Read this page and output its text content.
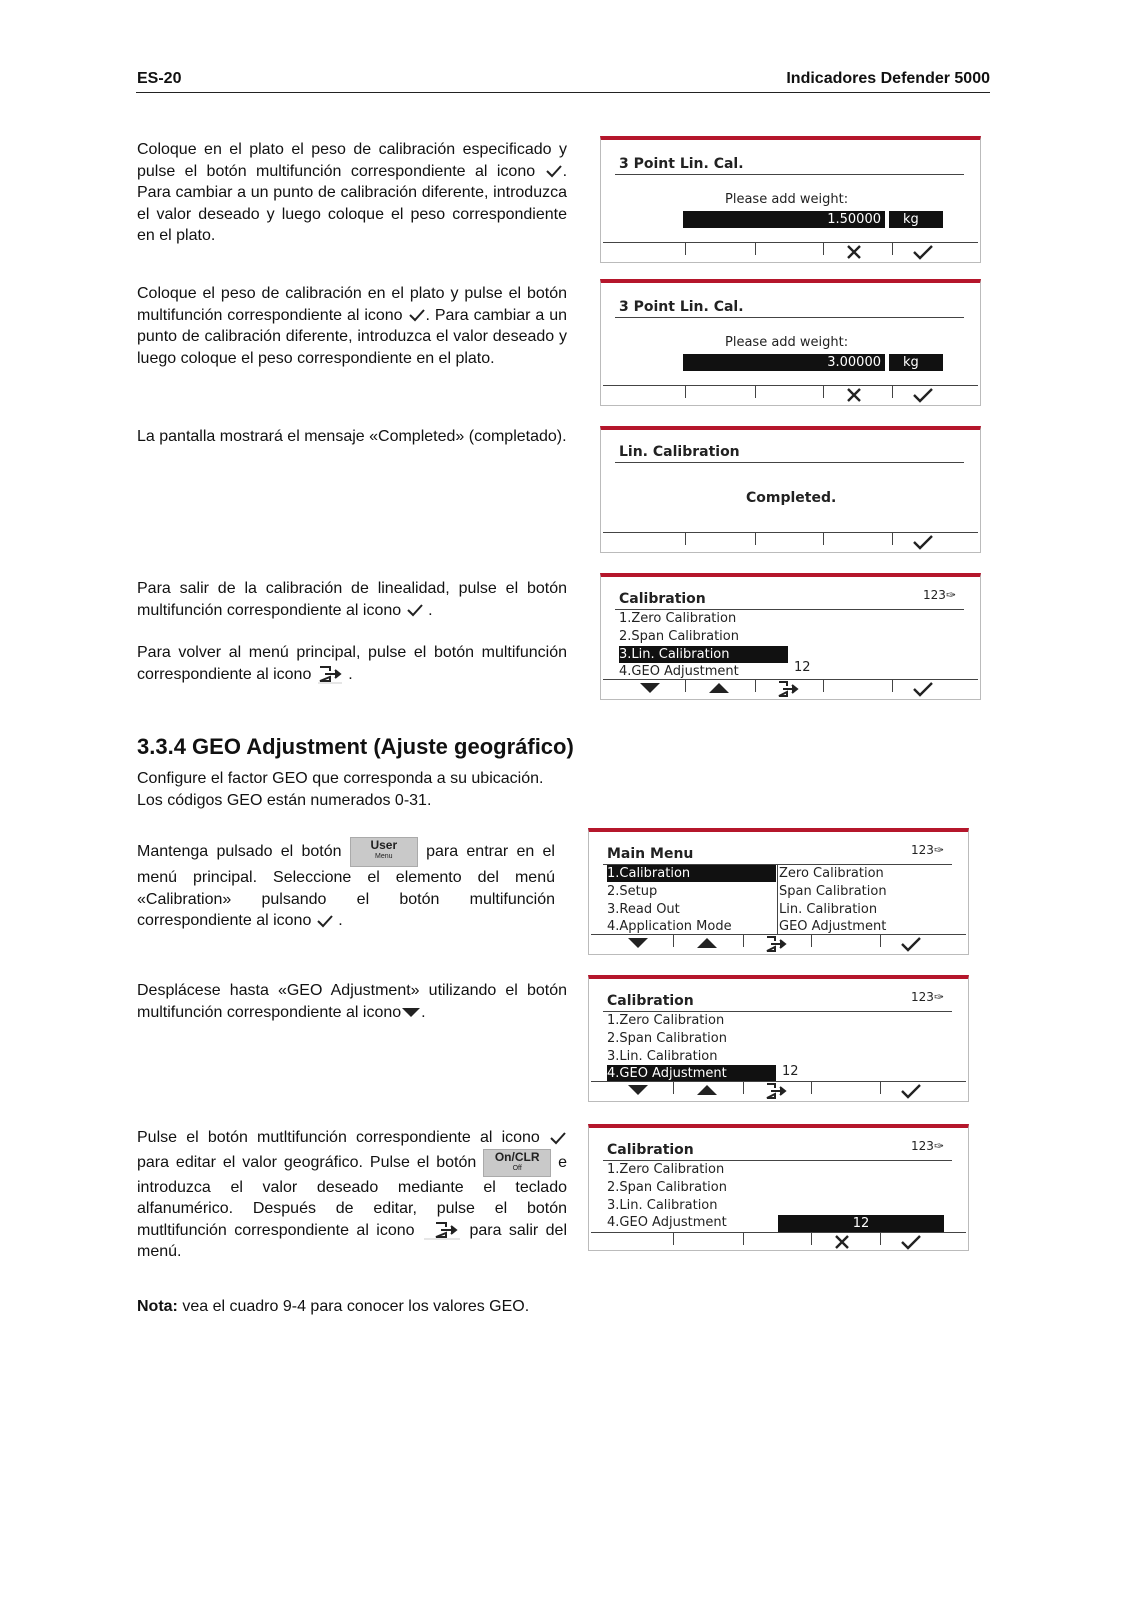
ES-20	Indicadores Defender 5000
Coloque en el plato el peso de calibración especificado y pulse el botón multifunción correspondiente al icono . Para cambiar a un punto de calibración diferente, introduzca el valor deseado y luego coloque el peso correspondiente en el plato.
Coloque el peso de calibración en el plato y pulse el botón multifunción correspondiente al icono . Para cambiar a un punto de calibración diferente, introduzca el valor deseado y luego coloque el peso correspondiente en el plato.
La pantalla mostrará el mensaje «Completed» (completado).
Para salir de la calibración de linealidad, pulse el botón multifunción correspondiente al icono .
Para volver al menú principal, pulse el botón multifunción correspondiente al icono .
3.3.4 GEO Adjustment (Ajuste geográfico)
Configure el factor GEO que corresponda a su ubicación.
Los códigos GEO están numerados 0-31.
Mantenga pulsado el botón	User
Menu	para entrar en el menú principal. Seleccione el elemento del menú «Calibration» pulsando el botón multifunción correspondiente al icono .
Desplácese hasta «GEO Adjustment» utilizando el botón multifunción correspondiente al icono .
Pulse el botón mutltifunción correspondiente al icono  para editar el valor geográfico. Pulse el botón	On/CLR
Off	e introduzca el valor deseado mediante el teclado alfanumérico. Después de editar, pulse el botón mutltifunción correspondiente al icono	para salir del menú.
Nota: vea el cuadro 9-4 para conocer los valores GEO.
3 Point Lin. Cal.
Please add weight:
1.50000	kg
3 Point Lin. Cal.
Please add weight:
3.00000	kg
Lin. Calibration
Completed.
Calibration	123✑
1.Zero Calibration
2.Span Calibration
3.Lin. Calibration
4.GEO Adjustment	12
Main Menu	123✑
1.Calibration
2.Setup
3.Read Out
4.Application Mode
Zero Calibration
Span Calibration
Lin. Calibration
GEO Adjustment
Calibration	123✑
1.Zero Calibration
2.Span Calibration
3.Lin. Calibration
4.GEO Adjustment	12
Calibration	123✑
1.Zero Calibration
2.Span Calibration
3.Lin. Calibration
4.GEO Adjustment	12
